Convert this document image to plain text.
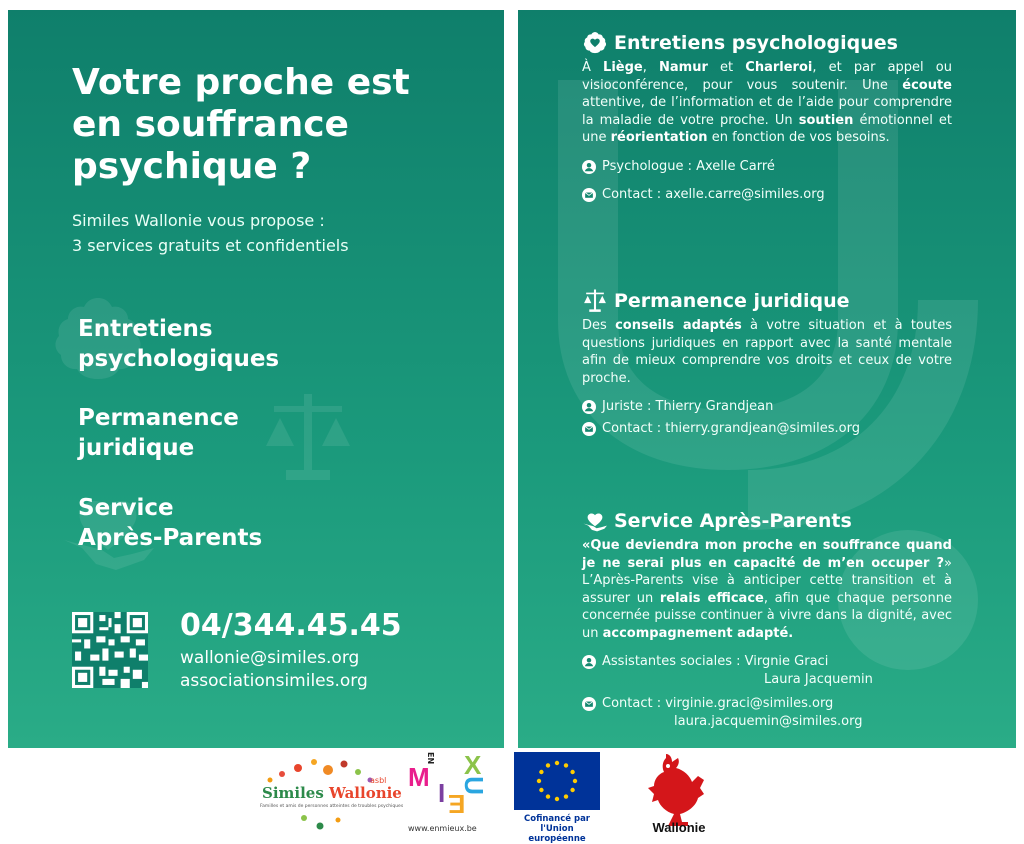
Votre proche est
en souffrance
psychique ?
Similes Wallonie vous propose :
3 services gratuits et confidentiels
Entretiens
psychologiques
Permanence
juridique
Service
Après-Parents
04/344.45.45
wallonie@similes.org
associationsimiles.org
Entretiens psychologiques

À Liège, Namur et Charleroi, et par appel ou visioconférence, pour vous soutenir. Une écoute attentive, de l’information et de l’aide pour comprendre la maladie de votre proche. Un soutien émotionnel et une réorientation en fonction de vos besoins.

Psychologue : Axelle Carré
Contact : axelle.carre@similes.org
Permanence juridique

Des conseils adaptés à votre situation et à toutes questions juridiques en rapport avec la santé mentale afin de mieux comprendre vos droits et ceux de votre proche.

Juriste : Thierry Grandjean
Contact : thierry.grandjean@similes.org
Service Après-Parents

«Que deviendra mon proche en souffrance quand je ne serai plus en capacité de m’en occuper ?» L’Après-Parents vise à anticiper cette transition et à assurer un relais efficace, afin que chaque personne concernée puisse continuer à vivre dans la dignité, avec un accompagnement adapté.

Assistantes sociales : Virgnie Graci
Laura Jacquemin
Contact : virginie.graci@similes.org
laura.jacquemin@similes.org
Similes Wallonie
asbl
Familles et amis de personnes atteintes de troubles psychiques
M
EN
I E
U
X
www.enmieux.be
Cofinancé par
l'Union européenne
Wallonie
